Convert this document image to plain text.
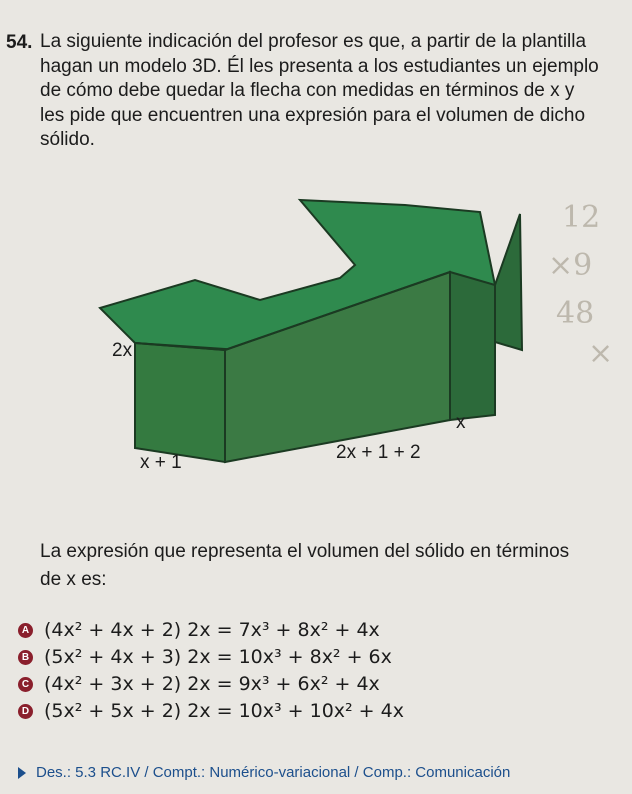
54. La siguiente indicación del profesor es que, a partir de la plantilla
hagan un modelo 3D. Él les presenta a los estudiantes un ejemplo
de cómo debe quedar la flecha con medidas en términos de x y
les pide que encuentren una expresión para el volumen de dicho
sólido.
2x
x + 1	2x + 1 + 2
x
12
×9
48
×
La expresión que representa el volumen del sólido en términos
de x es:
A (4x² + 4x + 2) 2x = 7x³ + 8x² + 4x
B (5x² + 4x + 3) 2x = 10x³ + 8x² + 6x
C (4x² + 3x + 2) 2x = 9x³ + 6x² + 4x
D (5x² + 5x + 2) 2x = 10x³ + 10x² + 4x
Des.: 5.3 RC.IV / Compt.: Numérico-variacional / Comp.: Comunicación
